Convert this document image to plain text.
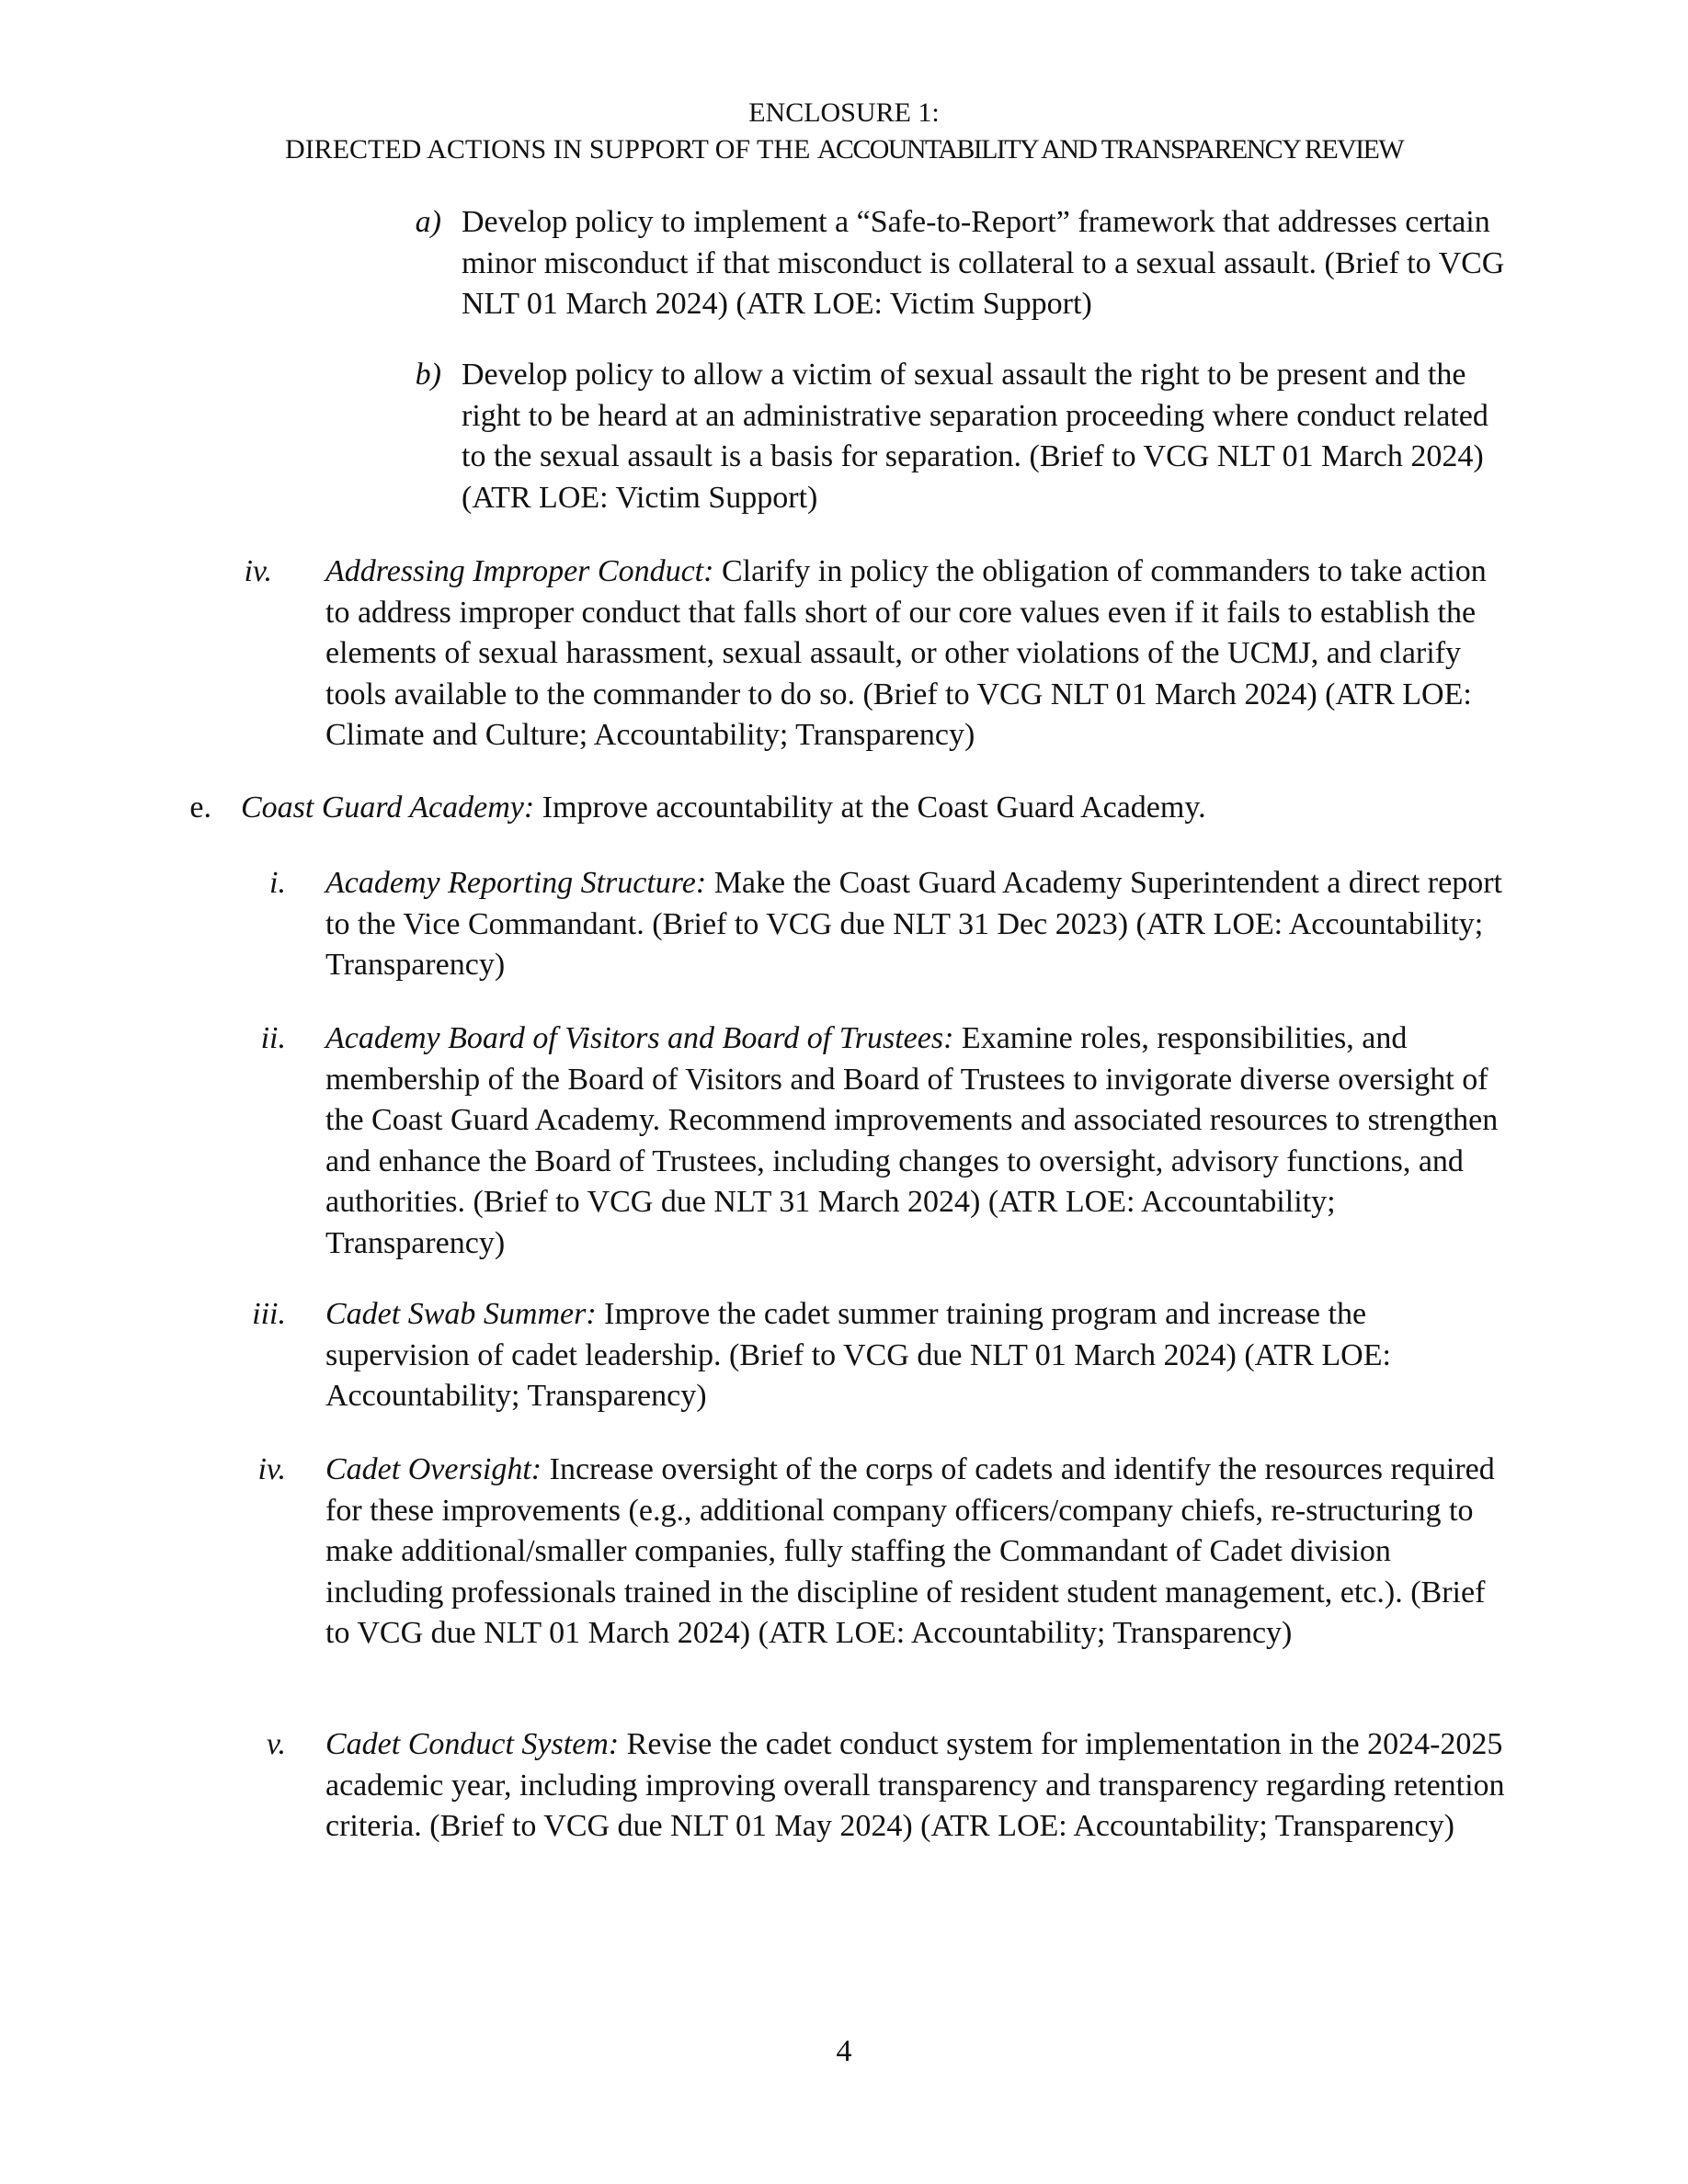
ENCLOSURE 1:
DIRECTED ACTIONS IN SUPPORT OF THE ACCOUNTABILITY AND TRANSPARENCY REVIEW
a) Develop policy to implement a “Safe-to-Report” framework that addresses certain minor misconduct if that misconduct is collateral to a sexual assault. (Brief to VCG NLT 01 March 2024) (ATR LOE: Victim Support)
b) Develop policy to allow a victim of sexual assault the right to be present and the right to be heard at an administrative separation proceeding where conduct related to the sexual assault is a basis for separation. (Brief to VCG NLT 01 March 2024) (ATR LOE: Victim Support)
iv. Addressing Improper Conduct: Clarify in policy the obligation of commanders to take action to address improper conduct that falls short of our core values even if it fails to establish the elements of sexual harassment, sexual assault, or other violations of the UCMJ, and clarify tools available to the commander to do so. (Brief to VCG NLT 01 March 2024) (ATR LOE: Climate and Culture; Accountability; Transparency)
e. Coast Guard Academy: Improve accountability at the Coast Guard Academy.
i. Academy Reporting Structure: Make the Coast Guard Academy Superintendent a direct report to the Vice Commandant. (Brief to VCG due NLT 31 Dec 2023) (ATR LOE: Accountability; Transparency)
ii. Academy Board of Visitors and Board of Trustees: Examine roles, responsibilities, and membership of the Board of Visitors and Board of Trustees to invigorate diverse oversight of the Coast Guard Academy. Recommend improvements and associated resources to strengthen and enhance the Board of Trustees, including changes to oversight, advisory functions, and authorities. (Brief to VCG due NLT 31 March 2024) (ATR LOE: Accountability; Transparency)
iii. Cadet Swab Summer: Improve the cadet summer training program and increase the supervision of cadet leadership. (Brief to VCG due NLT 01 March 2024) (ATR LOE: Accountability; Transparency)
iv. Cadet Oversight: Increase oversight of the corps of cadets and identify the resources required for these improvements (e.g., additional company officers/company chiefs, re-structuring to make additional/smaller companies, fully staffing the Commandant of Cadet division including professionals trained in the discipline of resident student management, etc.). (Brief to VCG due NLT 01 March 2024) (ATR LOE: Accountability; Transparency)
v. Cadet Conduct System: Revise the cadet conduct system for implementation in the 2024-2025 academic year, including improving overall transparency and transparency regarding retention criteria. (Brief to VCG due NLT 01 May 2024) (ATR LOE: Accountability; Transparency)
4
